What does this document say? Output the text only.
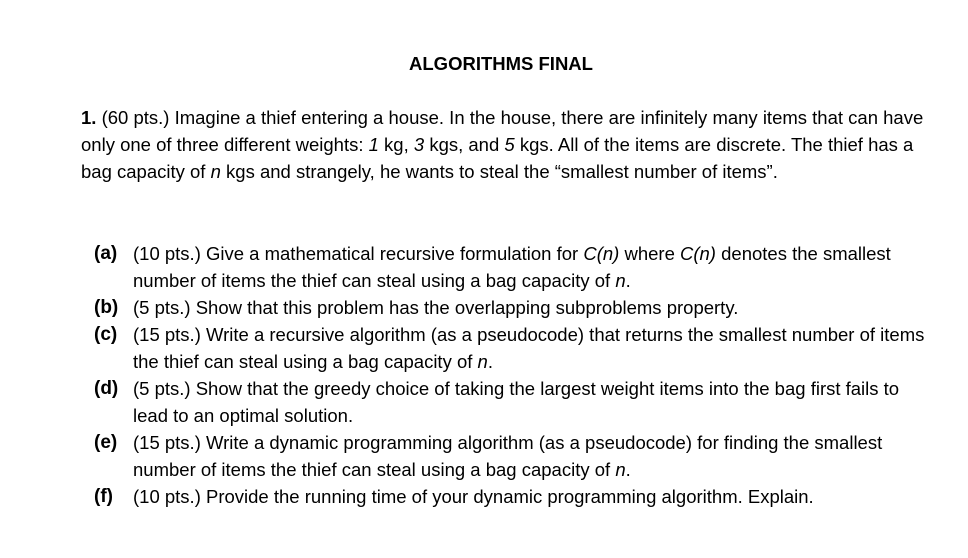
ALGORITHMS FINAL
1. (60 pts.) Imagine a thief entering a house. In the house, there are infinitely many items that can have only one of three different weights: 1 kg, 3 kgs, and 5 kgs. All of the items are discrete. The thief has a bag capacity of n kgs and strangely, he wants to steal the “smallest number of items”.
(a) (10 pts.) Give a mathematical recursive formulation for C(n) where C(n) denotes the smallest number of items the thief can steal using a bag capacity of n.
(b) (5 pts.) Show that this problem has the overlapping subproblems property.
(c) (15 pts.) Write a recursive algorithm (as a pseudocode) that returns the smallest number of items the thief can steal using a bag capacity of n.
(d) (5 pts.) Show that the greedy choice of taking the largest weight items into the bag first fails to lead to an optimal solution.
(e) (15 pts.) Write a dynamic programming algorithm (as a pseudocode) for finding the smallest number of items the thief can steal using a bag capacity of n.
(f)	(10 pts.) Provide the running time of your dynamic programming algorithm. Explain.
